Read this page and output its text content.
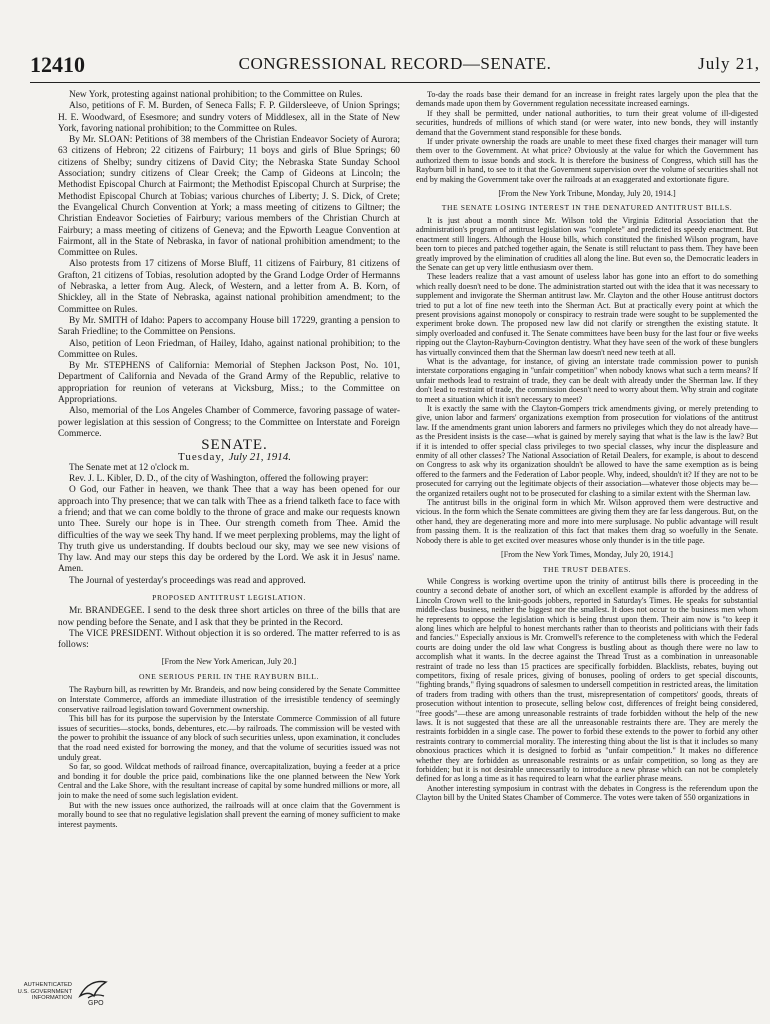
12410	CONGRESSIONAL RECORD—SENATE.	July 21,

New York, protesting against national prohibition; to the Committee on Rules.

Also, petitions of F. M. Burden, of Seneca Falls; F. P. Gildersleeve, of Union Springs; H. E. Woodward, of Esesmore; and sundry voters of Middlesex, all in the State of New York, favoring national prohibition; to the Committee on Rules.

By Mr. SLOAN: Petitions of 38 members of the Christian Endeavor Society of Aurora; 63 citizens of Hebron; 22 citizens of Fairbury; 11 boys and girls of Blue Springs; 60 citizens of Shelby; sundry citizens of David City; the Nebraska State Sunday School Association; sundry citizens of Clear Creek; the Camp of Gideons at Lincoln; the Methodist Episcopal Church at Fairmont; the Methodist Episcopal Church at Surprise; the Methodist Episcopal Church at Tobias; various churches of Liberty; J. S. Dick, of Crete; the Evangelical Church Convention at York; a mass meeting of citizens to Giltner; the Christian Endeavor Societies of Fairbury; various members of the Christian Church at Fairbury; a mass meeting of citizens of Geneva; and the Epworth League Convention at Fairmont, all in the State of Nebraska, in favor of national prohibition amendment; to the Committee on Rules.

Also protests from 17 citizens of Morse Bluff, 11 citizens of Fairbury, 81 citizens of Grafton, 21 citizens of Tobias, resolution adopted by the Grand Lodge Order of Hermanns of Nebraska, a letter from Aug. Aleck, of Western, and a letter from A. B. Korn, of Shickley, all in the State of Nebraska, against national prohibition amendment; to the Committee on Rules.

By Mr. SMITH of Idaho: Papers to accompany House bill 17229, granting a pension to Sarah Friedline; to the Committee on Pensions.

Also, petition of Leon Friedman, of Hailey, Idaho, against national prohibition; to the Committee on Rules.

By Mr. STEPHENS of California: Memorial of Stephen Jackson Post, No. 101, Department of California and Nevada of the Grand Army of the Republic, relative to appropriation for reunion of veterans at Vicksburg, Miss.; to the Committee on Appropriations.

Also, memorial of the Los Angeles Chamber of Commerce, favoring passage of water-power legislation at this session of Congress; to the Committee on Interstate and Foreign Commerce.

SENATE.

Tuesday, July 21, 1914.

The Senate met at 12 o'clock m.

Rev. J. L. Kibler, D. D., of the city of Washington, offered the following prayer:

O God, our Father in heaven, we thank Thee that a way has been opened for our approach into Thy presence; that we can talk with Thee as a friend talketh face to face with a friend; and that we can come boldly to the throne of grace and make our requests known unto Thee. Surely our hope is in Thee. Our strength cometh from Thee. Amid the difficulties of the way we seek Thy hand. If we meet perplexing problems, may the light of Thy truth give us understanding. If doubts becloud our sky, may we see new visions of Thy law. And may our steps this day be ordered by the Lord. We ask it in Jesus' name. Amen.

The Journal of yesterday's proceedings was read and approved.

PROPOSED ANTITRUST LEGISLATION.

Mr. BRANDEGEE. I send to the desk three short articles on three of the bills that are now pending before the Senate, and I ask that they be printed in the Record.

The VICE PRESIDENT. Without objection it is so ordered. The matter referred to is as follows:

[From the New York American, July 20.]

ONE SERIOUS PERIL IN THE RAYBURN BILL.

The Rayburn bill, as rewritten by Mr. Brandeis, and now being considered by the Senate Committee on Interstate Commerce, affords an immediate illustration of the irresistible tendency of seemingly conservative railroad legislation toward Government ownership.

This bill has for its purpose the supervision by the Interstate Commerce Commission of all future issues of securities—stocks, bonds, debentures, etc.—by railroads. The commission will be vested with the power to prohibit the issuance of any block of such securities unless, upon examination, it concludes that the road need existed for borrowing the money, and that the volume of securities issued was not unduly great.

So far, so good. Wildcat methods of railroad finance, overcapitalization, buying a feeder at a price and bonding it for double the price paid, combinations like the one planned between the New York Central and the Lake Shore, with the resultant increase of capital by some hundred millions or more, all join to make the need of some such legislation evident.

But with the new issues once authorized, the railroads will at once claim that the Government is morally bound to see that no regulative legislation shall prevent the earning of money sufficient to make interest payments.

To-day the roads base their demand for an increase in freight rates largely upon the plea that the demands made upon them by Government regulation necessitate increased earnings.

If they shall be permitted, under national authorities, to turn their great volume of ill-digested securities, hundreds of millions of which stand (or were water, into new bonds, they will instantly demand that the Government stand responsible for these bonds.

If under private ownership the roads are unable to meet these fixed charges their manager will turn them over to the Government. At what price? Obviously at the value for which the Government has authorized them to issue bonds and stock. It is therefore the business of Congress, which still has the Rayburn bill in hand, to see to it that the Government supervision over the volume of securities shall not end by making the Government take over the railroads at an exaggerated and extortionate figure.

[From the New York Tribune, Monday, July 20, 1914.]

THE SENATE LOSING INTEREST IN THE DENATURED ANTITRUST BILLS.

It is just about a month since Mr. Wilson told the Virginia Editorial Association that the administration's program of antitrust legislation was "complete" and predicted its speedy enactment. But enactment still lingers. Although the House bills, which constituted the finished Wilson program, have been torn to pieces and patched together again, the Senate is still reluctant to pass them. They have been greatly improved by the elimination of crudities all along the line. But even so, the Democratic leaders in the Senate can get up very little enthusiasm over them.

These leaders realize that a vast amount of useless labor has gone into an effort to do something which really doesn't need to be done. The administration started out with the idea that it was necessary to supplement and invigorate the Sherman antitrust law. Mr. Clayton and the other House antitrust doctors tried to put a lot of fine new teeth into the Sherman Act. But at practically every point at which the present provisions against monopoly or conspiracy to restrain trade were sought to be supplemented the experiment broke down. The proposed new law did not clarify or strengthen the existing statute. It simply overloaded and confused it. The Senate committees have been busy for the last four or five weeks ripping out the Clayton-Rayburn-Covington dentistry. What they have seen of the work of these bunglers has virtually convinced them that the Sherman law doesn't need new teeth at all.

What is the advantage, for instance, of giving an interstate trade commission power to punish interstate corporations engaging in "unfair competition" when nobody knows what such a term means? If unfair methods lead to restraint of trade, they can be dealt with already under the Sherman law. If they don't lead to restraint of trade, the commission doesn't need to worry about them. Why strain and cogitate to meet a situation which it isn't necessary to meet?

It is exactly the same with the Clayton-Gompers trick amendments giving, or merely pretending to give, union labor and farmers' organizations exemption from prosecution for violations of the antitrust law. If the amendments grant union laborers and farmers no privileges which they do not already have—as the President insists is the case—what is gained by merely saying that what is the law is the law? But if it is intended to offer special class privileges to two special classes, why incur the displeasure and enmity of all other classes? The National Association of Retail Dealers, for example, is about to descend on Congress to ask why its organization shouldn't be allowed to have the same exemption as is being offered to the farmers and the Federation of Labor people. Why, indeed, shouldn't it? If they are not to be prosecuted for carrying out the legitimate objects of their association—whatever those objects may be—the organized retailers ought not to be prosecuted for clashing to a similar extent with the Sherman law.

The antitrust bills in the original form in which Mr. Wilson approved them were destructive and vicious. In the form which the Senate committees are giving them they are far less dangerous. But, on the other hand, they are degenerating more and more into mere surplusage. No public advantage will result from passing them. It is the realization of this fact that makes them drag so woefully in the Senate. Nobody there is able to get excited over measures whose only thunder is in the title page.

[From the New York Times, Monday, July 20, 1914.]

THE TRUST DEBATES.

While Congress is working overtime upon the trinity of antitrust bills there is proceeding in the country a second debate of another sort, of which an excellent example is afforded by the address of Lincoln Crown well to the knit-goods jobbers, reported in Saturday's Times. He speaks for substantial middle-class business, neither the biggest nor the smallest. It does not occur to the business men whom he represents to oppose the legislation which is being thrust upon them. Their aim now is "to keep it along lines which are helpful to honest merchants rather than to theorists and politicians with their fads and fancies." Especially anxious is Mr. Cromwell's reference to the completeness with which the Federal courts are doing under the old law what Congress is bustling about as though there were no law to accomplish what it wants. In the decree against the Thread Trust as a combination in unreasonable restraint of trade no less than 15 practices are specifically forbidden. Blacklists, rebates, buying out competitors, fixing of resale prices, giving of bonuses, pooling of orders to get special discounts, "fighting brands," flying squadrons of salesmen to undersell competition in restricted areas, the limitation of traders from trading with others than the trust, misrepresentation of competitors' goods, threats of prosecution without intention to prosecute, selling below cost, differences of freight being considered, "free goods"—these are among unreasonable restraints of trade forbidden without the help of the new laws. It is not suggested that these are all the unreasonable restraints there are. They are merely the restraints forbidden in a single case. The power to forbid these extends to the power to forbid any other restraints contrary to commercial morality. The interesting thing about the list is that it includes so many obnoxious practices which it is designed to forbid as "unfair competition." It makes no difference whether they are forbidden as unreasonable restraints or as unfair competition, so long as they are forbidden; but it is not desirable unnecessarily to introduce a new phrase which can not be completely defined for as long a time as it has required to learn what the earlier phrase means.

Another interesting symposium in contrast with the debates in Congress is the referendum upon the Clayton bill by the United States Chamber of Commerce. The votes were taken of 550 organizations in

AUTHENTICATED U.S. GOVERNMENT INFORMATION
GPO
